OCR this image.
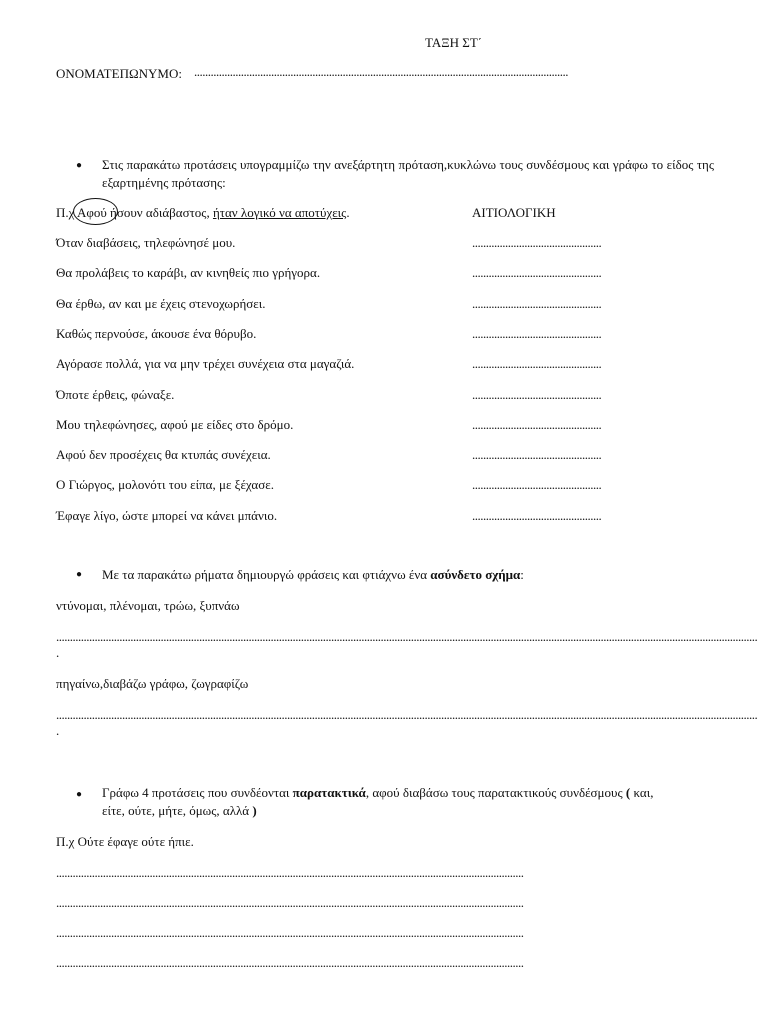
ΤΑΞΗ ΣΤ΄
ΟΝΟΜΑΤΕΠΩΝΥΜΟ: ........................................................................................................................................
● Στις παρακάτω προτάσεις υπογραμμίζω την ανεξάρτητη πρόταση,κυκλώνω τους συνδέσμους και γράφω το είδος της εξαρτημένης πρότασης:
Π.χ Αφού ήσουν αδιάβαστος, ήταν λογικό να αποτύχεις.	ΑΙΤΙΟΛΟΓΙΚΗ
Όταν διαβάσεις, τηλεφώνησέ μου.	...............................................
Θα προλάβεις το καράβι, αν κινηθείς πιο γρήγορα.	...............................................
Θα έρθω, αν και με έχεις στενοχωρήσει.	...............................................
Καθώς περνούσε, άκουσε ένα θόρυβο.	...............................................
Αγόρασε πολλά, για να μην τρέχει συνέχεια στα μαγαζιά.	...............................................
Όποτε έρθεις, φώναξε.	...............................................
Μου τηλεφώνησες, αφού με είδες στο δρόμο.	...............................................
Αφού δεν προσέχεις θα κτυπάς συνέχεια.	...............................................
Ο Γιώργος, μολονότι του είπα, με ξέχασε.	...............................................
Έφαγε λίγο, ώστε μπορεί να κάνει μπάνιο.	...............................................
● Με τα παρακάτω ρήματα δημιουργώ φράσεις και φτιάχνω ένα ασύνδετο σχήμα:
ντύνομαι, πλένομαι, τρώω, ξυπνάω
...............................................................................................................................................................................................................................................................
.
πηγαίνω,διαβάζω γράφω, ζωγραφίζω
...............................................................................................................................................................................................................................................................
.
● Γράφω 4 προτάσεις που συνδέονται παρατακτικά, αφού διαβάσω τους παρατακτικούς συνδέσμους ( και, είτε, ούτε, μήτε, όμως, αλλά )
Π.χ Ούτε έφαγε ούτε ήπιε.
..........................................................................................................................................................................
..........................................................................................................................................................................
..........................................................................................................................................................................
..........................................................................................................................................................................
